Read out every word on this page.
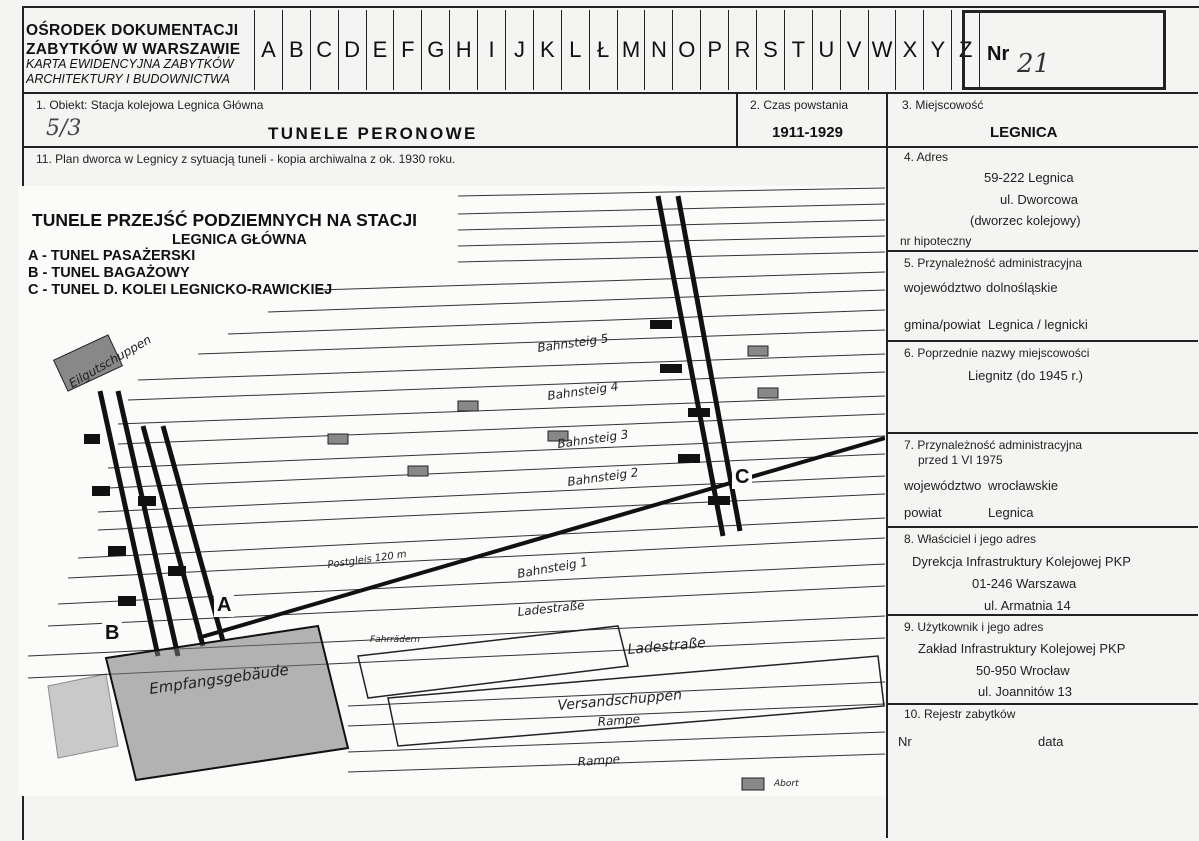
OŚRODEK DOKUMENTACJI
ZABYTKÓW W WARSZAWIE
KARTA EWIDENCYJNA ZABYTKÓW
ARCHITEKTURY I BUDOWNICTWA
A B C D E F G H I J K L Ł M N O P R S T U V W X Y Z Nr 21
1. Obiekt: Stacja kolejowa Legnica Główna
5/3	TUNELE PERONOWE
2. Czas powstania
1911-1929
3. Miejscowość
LEGNICA
11. Plan dworca w Legnicy z sytuacją tuneli - kopia archiwalna z ok. 1930 roku.
Eilgutschuppen	Bahnsteig 5
Bahnsteig 4
Bahnsteig 3
Bahnsteig 2
Bahnsteig 1
Empfangsgebäude
Ladestraße
Ladestraße
Versandschuppen
Rampe
Rampe
Postgleis 120 m
Fahrrädern
Abort
TUNELE PRZEJŚĆ PODZIEMNYCH NA STACJI
LEGNICA GŁÓWNA
A - TUNEL PASAŻERSKI
B - TUNEL BAGAŻOWY
C - TUNEL D. KOLEI LEGNICKO-RAWICKIEJ
A
B
C
4. Adres
59-222 Legnica
ul. Dworcowa
(dworzec kolejowy)
nr hipoteczny
5. Przynależność administracyjna
województwo dolnośląskie
gmina/powiat Legnica / legnicki
6. Poprzednie nazwy miejscowości
Liegnitz (do 1945 r.)
7. Przynależność administracyjna
przed 1 VI 1975
województwo wrocławskie
powiat	Legnica
8. Właściciel i jego adres
Dyrekcja Infrastruktury Kolejowej PKP
01-246 Warszawa
ul. Armatnia 14
9. Użytkownik i jego adres
Zakład Infrastruktury Kolejowej PKP
50-950 Wrocław
ul. Joannitów 13
10. Rejestr zabytków
Nr	data
